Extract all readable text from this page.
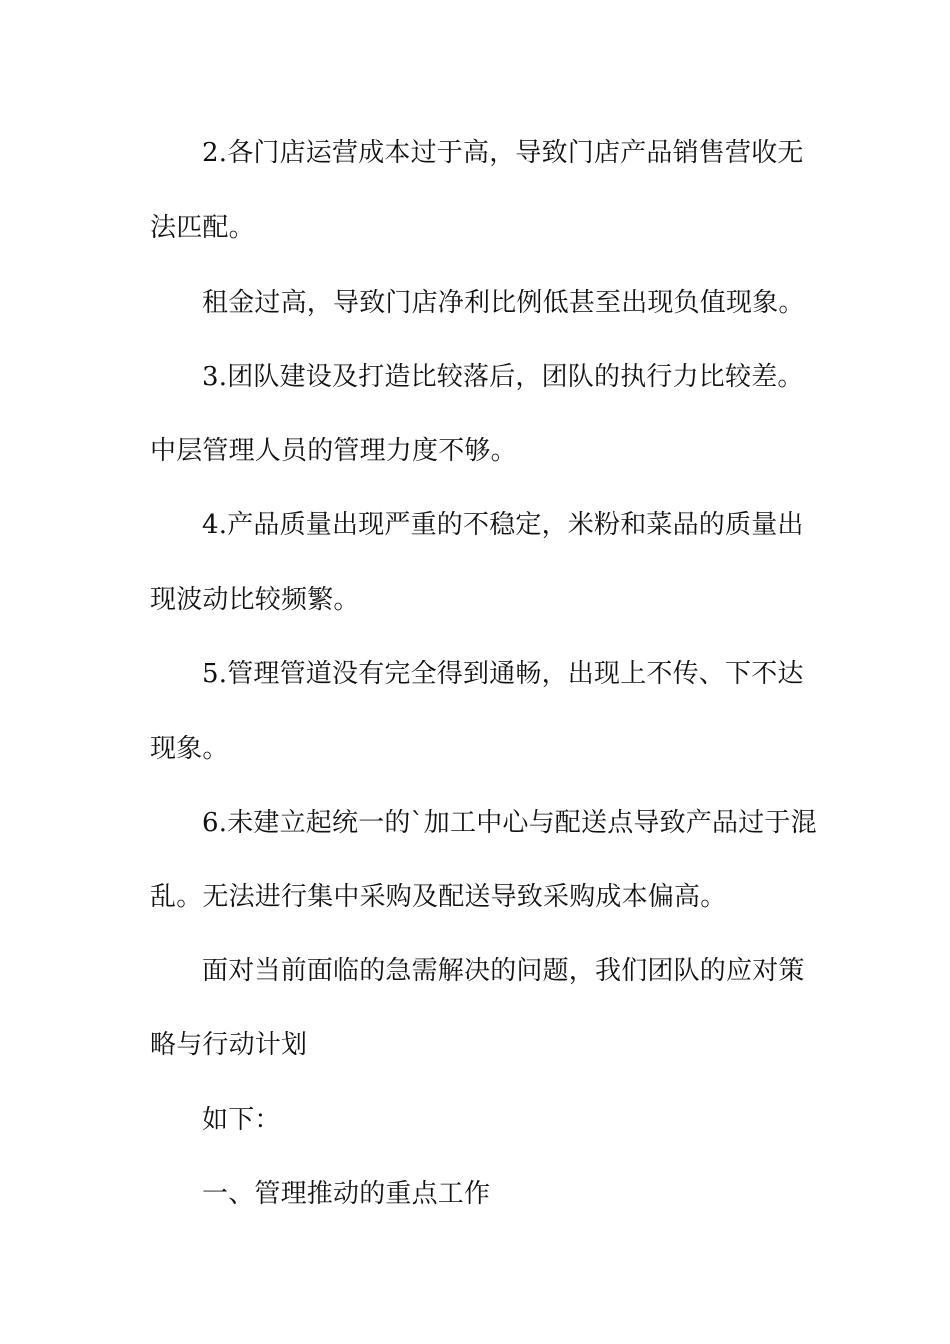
2.各门店运营成本过于高，导致门店产品销售营收无
法匹配。
租金过高，导致门店净利比例低甚至出现负值现象。
3.团队建设及打造比较落后，团队的执行力比较差。
中层管理人员的管理力度不够。
4.产品质量出现严重的不稳定，米粉和菜品的质量出
现波动比较频繁。
5.管理管道没有完全得到通畅，出现上不传、下不达
现象。
6.未建立起统一的`加工中心与配送点导致产品过于混
乱。无法进行集中采购及配送导致采购成本偏高。
面对当前面临的急需解决的问题，我们团队的应对策
略与行动计划
如下：
一、管理推动的重点工作
